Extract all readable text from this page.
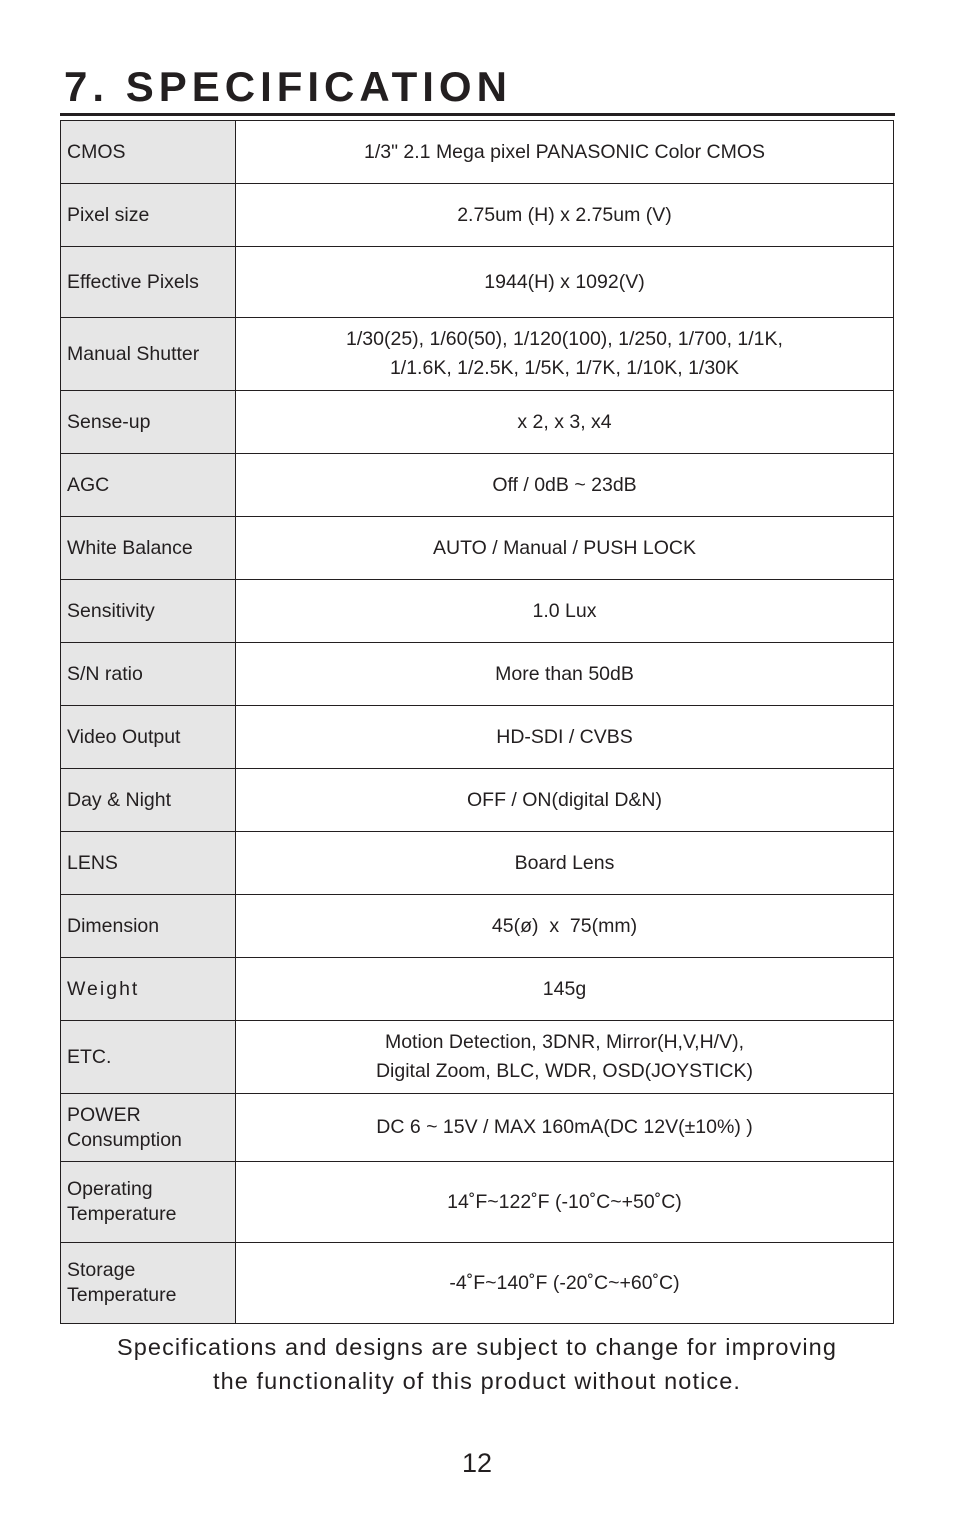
7. SPECIFICATION
CMOS	1/3" 2.1 Mega pixel PANASONIC Color CMOS
Pixel size	2.75um (H) x 2.75um (V)
Effective Pixels	1944(H) x 1092(V)
Manual Shutter	1/30(25), 1/60(50), 1/120(100), 1/250, 1/700, 1/1K,
1/1.6K, 1/2.5K, 1/5K, 1/7K, 1/10K, 1/30K

Sense-up	x 2, x 3, x4
AGC	Off / 0dB ~ 23dB
White Balance	AUTO / Manual / PUSH LOCK
Sensitivity	1.0 Lux
S/N ratio	More than 50dB
Video Output	HD-SDI / CVBS
Day & Night	OFF / ON(digital D&N)
LENS	Board Lens
Dimension	45(ø)  x  75(mm)
Weight	145g
ETC.	Motion Detection, 3DNR, Mirror(H,V,H/V),
Digital Zoom, BLC, WDR, OSD(JOYSTICK)

POWER
Consumption	DC 6 ~ 15V / MAX 160mA(DC 12V(±10%) )

Operating
Temperature	14˚F~122˚F (-10˚C~+50˚C)

Storage
Temperature	-4˚F~140˚F (-20˚C~+60˚C)
Specifications and designs are subject to change for improving
the functionality of this product without notice.
12
